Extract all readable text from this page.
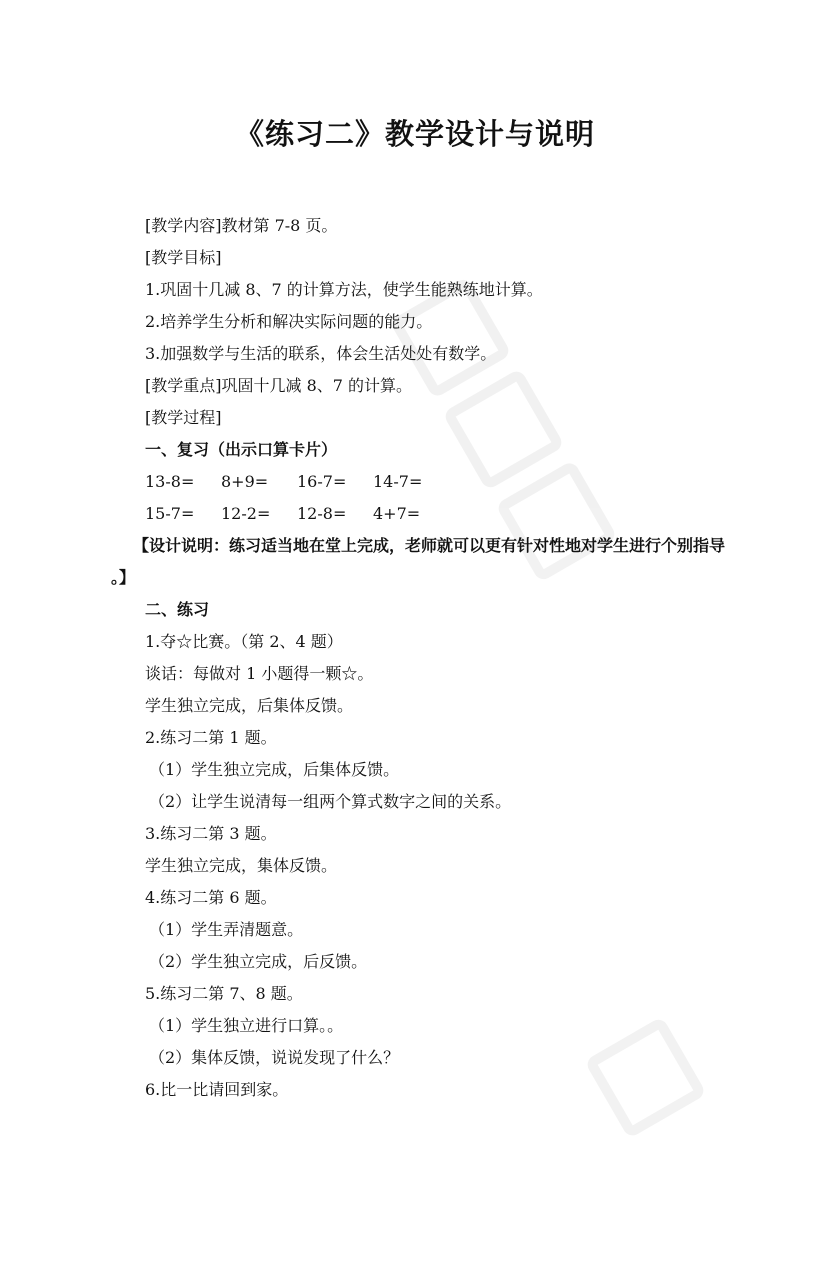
《练习二》教学设计与说明
[教学内容]教材第 7-8 页。
[教学目标]
1.巩固十几减 8、7 的计算方法，使学生能熟练地计算。
2.培养学生分析和解决实际问题的能力。
3.加强数学与生活的联系，体会生活处处有数学。
[教学重点]巩固十几减 8、7 的计算。
[教学过程]
一、复习（出示口算卡片）
13-8=	8+9=	16-7=	14-7=
15-7=	12-2=	12-8=	4+7=
【设计说明：练习适当地在堂上完成，老师就可以更有针对性地对学生进行个别指导 。】
二、练习
1.夺☆比赛。（第 2、4 题）
谈话：每做对 1 小题得一颗☆。
学生独立完成，后集体反馈。
2.练习二第 1 题。
（1）学生独立完成，后集体反馈。
（2）让学生说清每一组两个算式数字之间的关系。
3.练习二第 3 题。
学生独立完成，集体反馈。
4.练习二第 6 题。
（1）学生弄清题意。
（2）学生独立完成，后反馈。
5.练习二第 7、8 题。
（1）学生独立进行口算。。
（2）集体反馈，说说发现了什么？
6.比一比请回到家。
